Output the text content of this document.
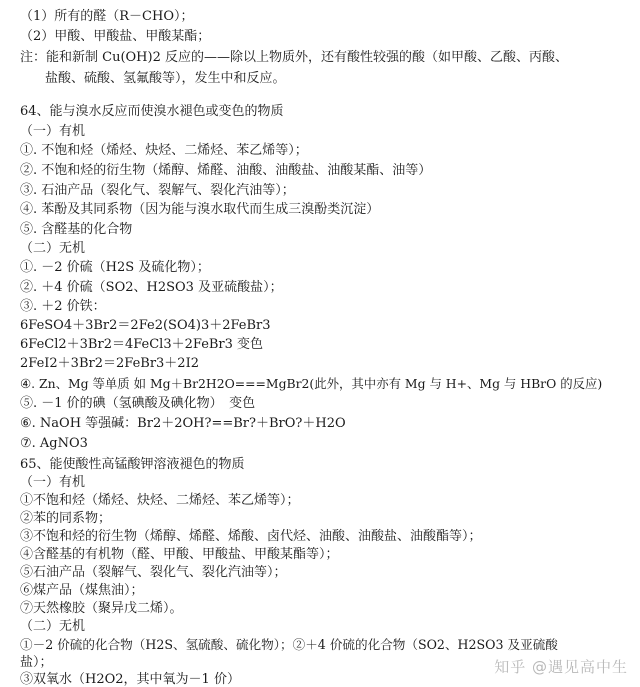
（1）所有的醛（R－CHO）；
（2）甲酸、甲酸盐、甲酸某酯；
注：能和新制 Cu(OH)2 反应的——除以上物质外，还有酸性较强的酸（如甲酸、乙酸、丙酸、
盐酸、硫酸、氢氟酸等），发生中和反应。
64、能与溴水反应而使溴水褪色或变色的物质
（一）有机
①. 不饱和烃（烯烃、炔烃、二烯烃、苯乙烯等）；
②. 不饱和烃的衍生物（烯醇、烯醛、油酸、油酸盐、油酸某酯、油等）
③. 石油产品（裂化气、裂解气、裂化汽油等）；
④. 苯酚及其同系物（因为能与溴水取代而生成三溴酚类沉淀）
⑤. 含醛基的化合物
（二）无机
①. －2 价硫（H2S 及硫化物）；
②. ＋4 价硫（SO2、H2SO3 及亚硫酸盐）；
③. ＋2 价铁：
6FeSO4＋3Br2＝2Fe2(SO4)3＋2FeBr3
6FeCl2＋3Br2＝4FeCl3＋2FeBr3 变色
2FeI2＋3Br2＝2FeBr3＋2I2
④. Zn、Mg 等单质 如 Mg＋Br2H2O===MgBr2(此外，其中亦有 Mg 与 H+、Mg 与 HBrO 的反应)
⑤. －1 价的碘（氢碘酸及碘化物）　变色
⑥. NaOH 等强碱：Br2＋2OH?==Br?＋BrO?＋H2O
⑦. AgNO3
65、能使酸性高锰酸钾溶液褪色的物质
（一）有机
①不饱和烃（烯烃、炔烃、二烯烃、苯乙烯等）；
②苯的同系物；
③不饱和烃的衍生物（烯醇、烯醛、烯酸、卤代烃、油酸、油酸盐、油酸酯等）；
④含醛基的有机物（醛、甲酸、甲酸盐、甲酸某酯等）；
⑤石油产品（裂解气、裂化气、裂化汽油等）；
⑥煤产品（煤焦油）；
⑦天然橡胶（聚异戊二烯）。
（二）无机
①－2 价硫的化合物（H2S、氢硫酸、硫化物）；②＋4 价硫的化合物（SO2、H2SO3 及亚硫酸
盐）；
③双氧水（H2O2，其中氧为－1 价）
知乎 @遇见高中生
